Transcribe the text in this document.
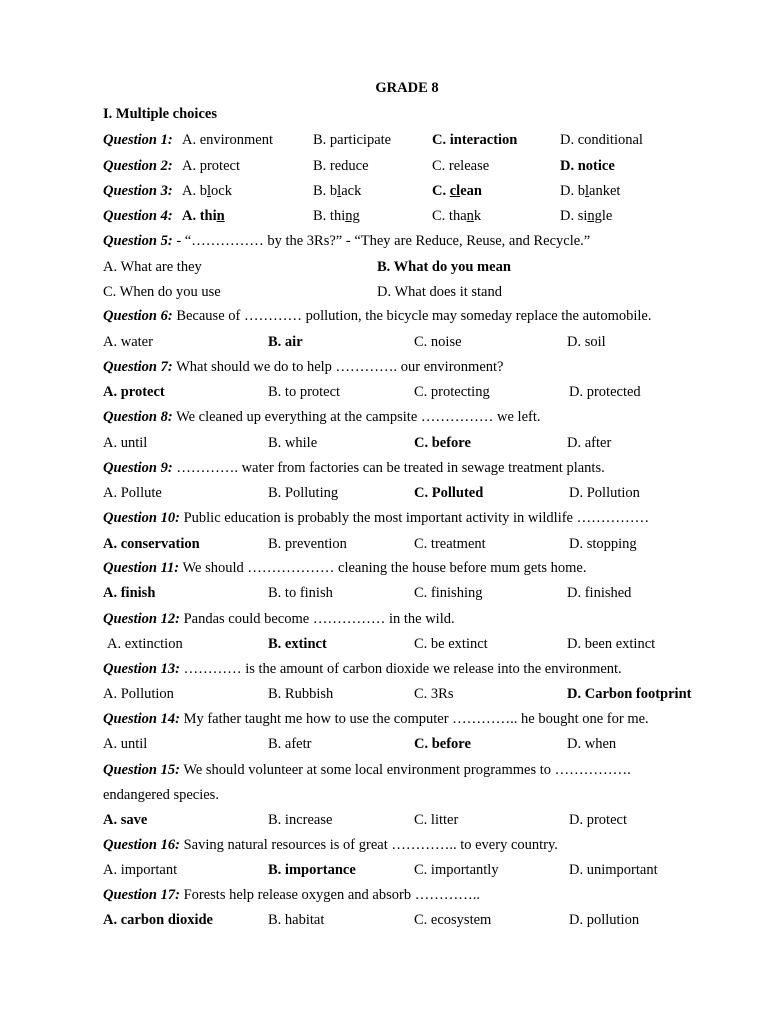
GRADE 8
I. Multiple choices
Question 1: A. environment	B. participate	C. interaction	D. conditional
Question 2: A. protect	B. reduce	C. release	D. notice
Question 3: A. block	B. black	C. clean	D. blanket
Question 4: A. thin	B. thing	C. thank	D. single
Question 5: - “…………… by the 3Rs?” - “They are Reduce, Reuse, and Recycle.”
A. What are they	B. What do you mean
C. When do you use	D. What does it stand
Question 6: Because of ………… pollution, the bicycle may someday replace the automobile.
A. water	B. air	C. noise	D. soil
Question 7: What should we do to help …………. our environment?
A. protect	B. to protect	C. protecting	D. protected
Question 8: We cleaned up everything at the campsite …………… we left.
A. until	B. while	C. before	D. after
Question 9: …………. water from factories can be treated in sewage treatment plants.
A. Pollute	B. Polluting	C. Polluted	D. Pollution
Question 10: Public education is probably the most important activity in wildlife ……………
A. conservation	B. prevention	C. treatment	D. stopping
Question 11: We should ……………… cleaning the house before mum gets home.
A. finish	B. to finish	C. finishing	D. finished
Question 12: Pandas could become …………… in the wild.
A. extinction	B. extinct	C. be extinct	D. been extinct
Question 13: ………… is the amount of carbon dioxide we release into the environment.
A. Pollution	B. Rubbish	C. 3Rs	D. Carbon footprint
Question 14: My father taught me how to use the computer ………….. he bought one for me.
A. until	B. afetr	C. before	D. when
Question 15: We should volunteer at some local environment programmes to …………….
endangered species.
A. save	B. increase	C. litter	D. protect
Question 16: Saving natural resources is of great ………….. to every country.
A. important	B. importance	C. importantly	D. unimportant
Question 17: Forests help release oxygen and absorb …………..
A. carbon dioxide	B. habitat	C. ecosystem	D. pollution
